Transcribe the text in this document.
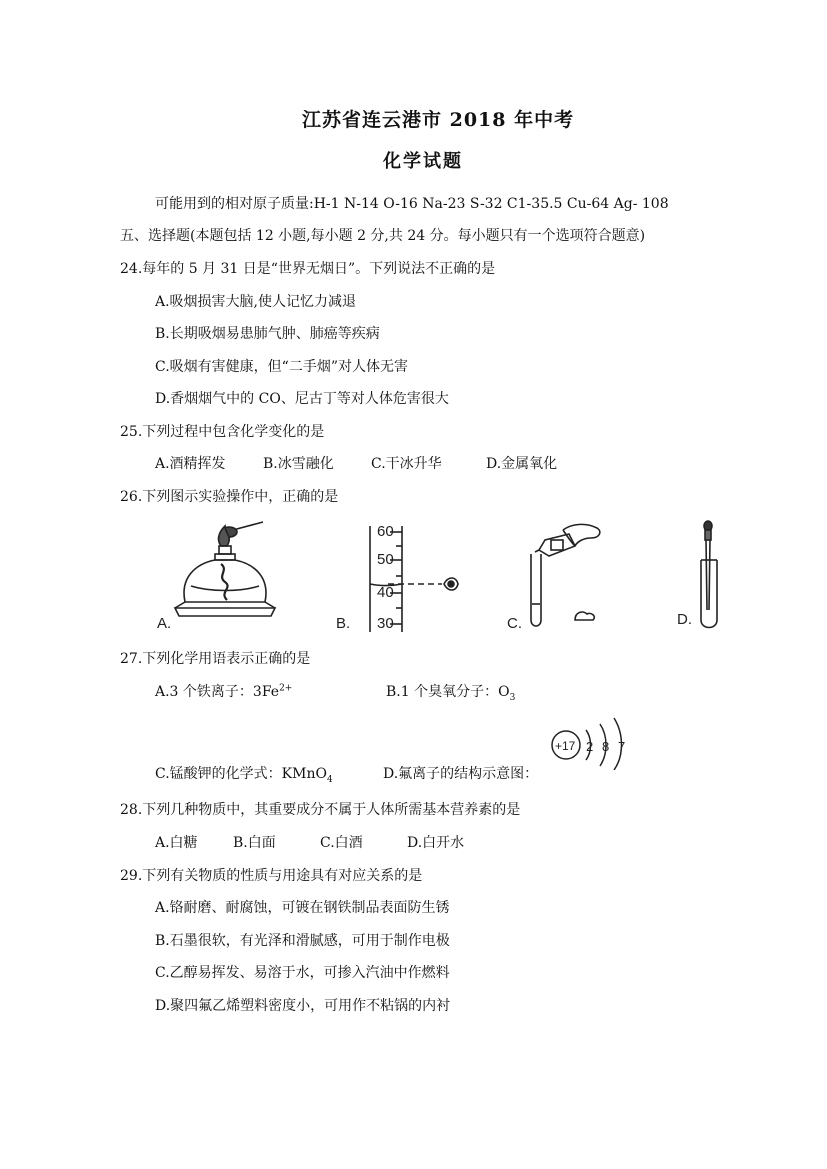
江苏省连云港市 2018 年中考
化学试题
可能用到的相对原子质量:H-1 N-14 O-16 Na-23 S-32 C1-35.5 Cu-64 Ag- 108
五、选择题(本题包括 12 小题,每小题 2 分,共 24 分。每小题只有一个选项符合题意)
24.每年的 5 月 31 日是“世界无烟日”。下列说法不正确的是
A.吸烟损害大脑,使人记忆力减退
B.长期吸烟易患肺气肿、肺癌等疾病
C.吸烟有害健康，但“二手烟”对人体无害
D.香烟烟气中的 CO、尼古丁等对人体危害很大
25.下列过程中包含化学变化的是
A.酒精挥发	B.冰雪融化	C.干冰升华	D.金属氧化
26.下列图示实验操作中，正确的是
A.
60
50
40
30
B.	C.	D.
27.下列化学用语表示正确的是
A.3 个铁离子：$3Fe^{2+}$	B.1 个臭氧分子：$O_3$
+17 2 8 7
C.锰酸钾的化学式：KMnO$_4$	D.氟离子的结构示意图：
28.下列几种物质中，其重要成分不属于人体所需基本营养素的是
A.白糖	B.白面	C.白酒	D.白开水
29.下列有关物质的性质与用途具有对应关系的是
A.铬耐磨、耐腐蚀，可镀在钢铁制品表面防生锈
B.石墨很软，有光泽和滑腻感，可用于制作电极
C.乙醇易挥发、易溶于水，可掺入汽油中作燃料
D.聚四氟乙烯塑料密度小，可用作不粘锅的内衬
